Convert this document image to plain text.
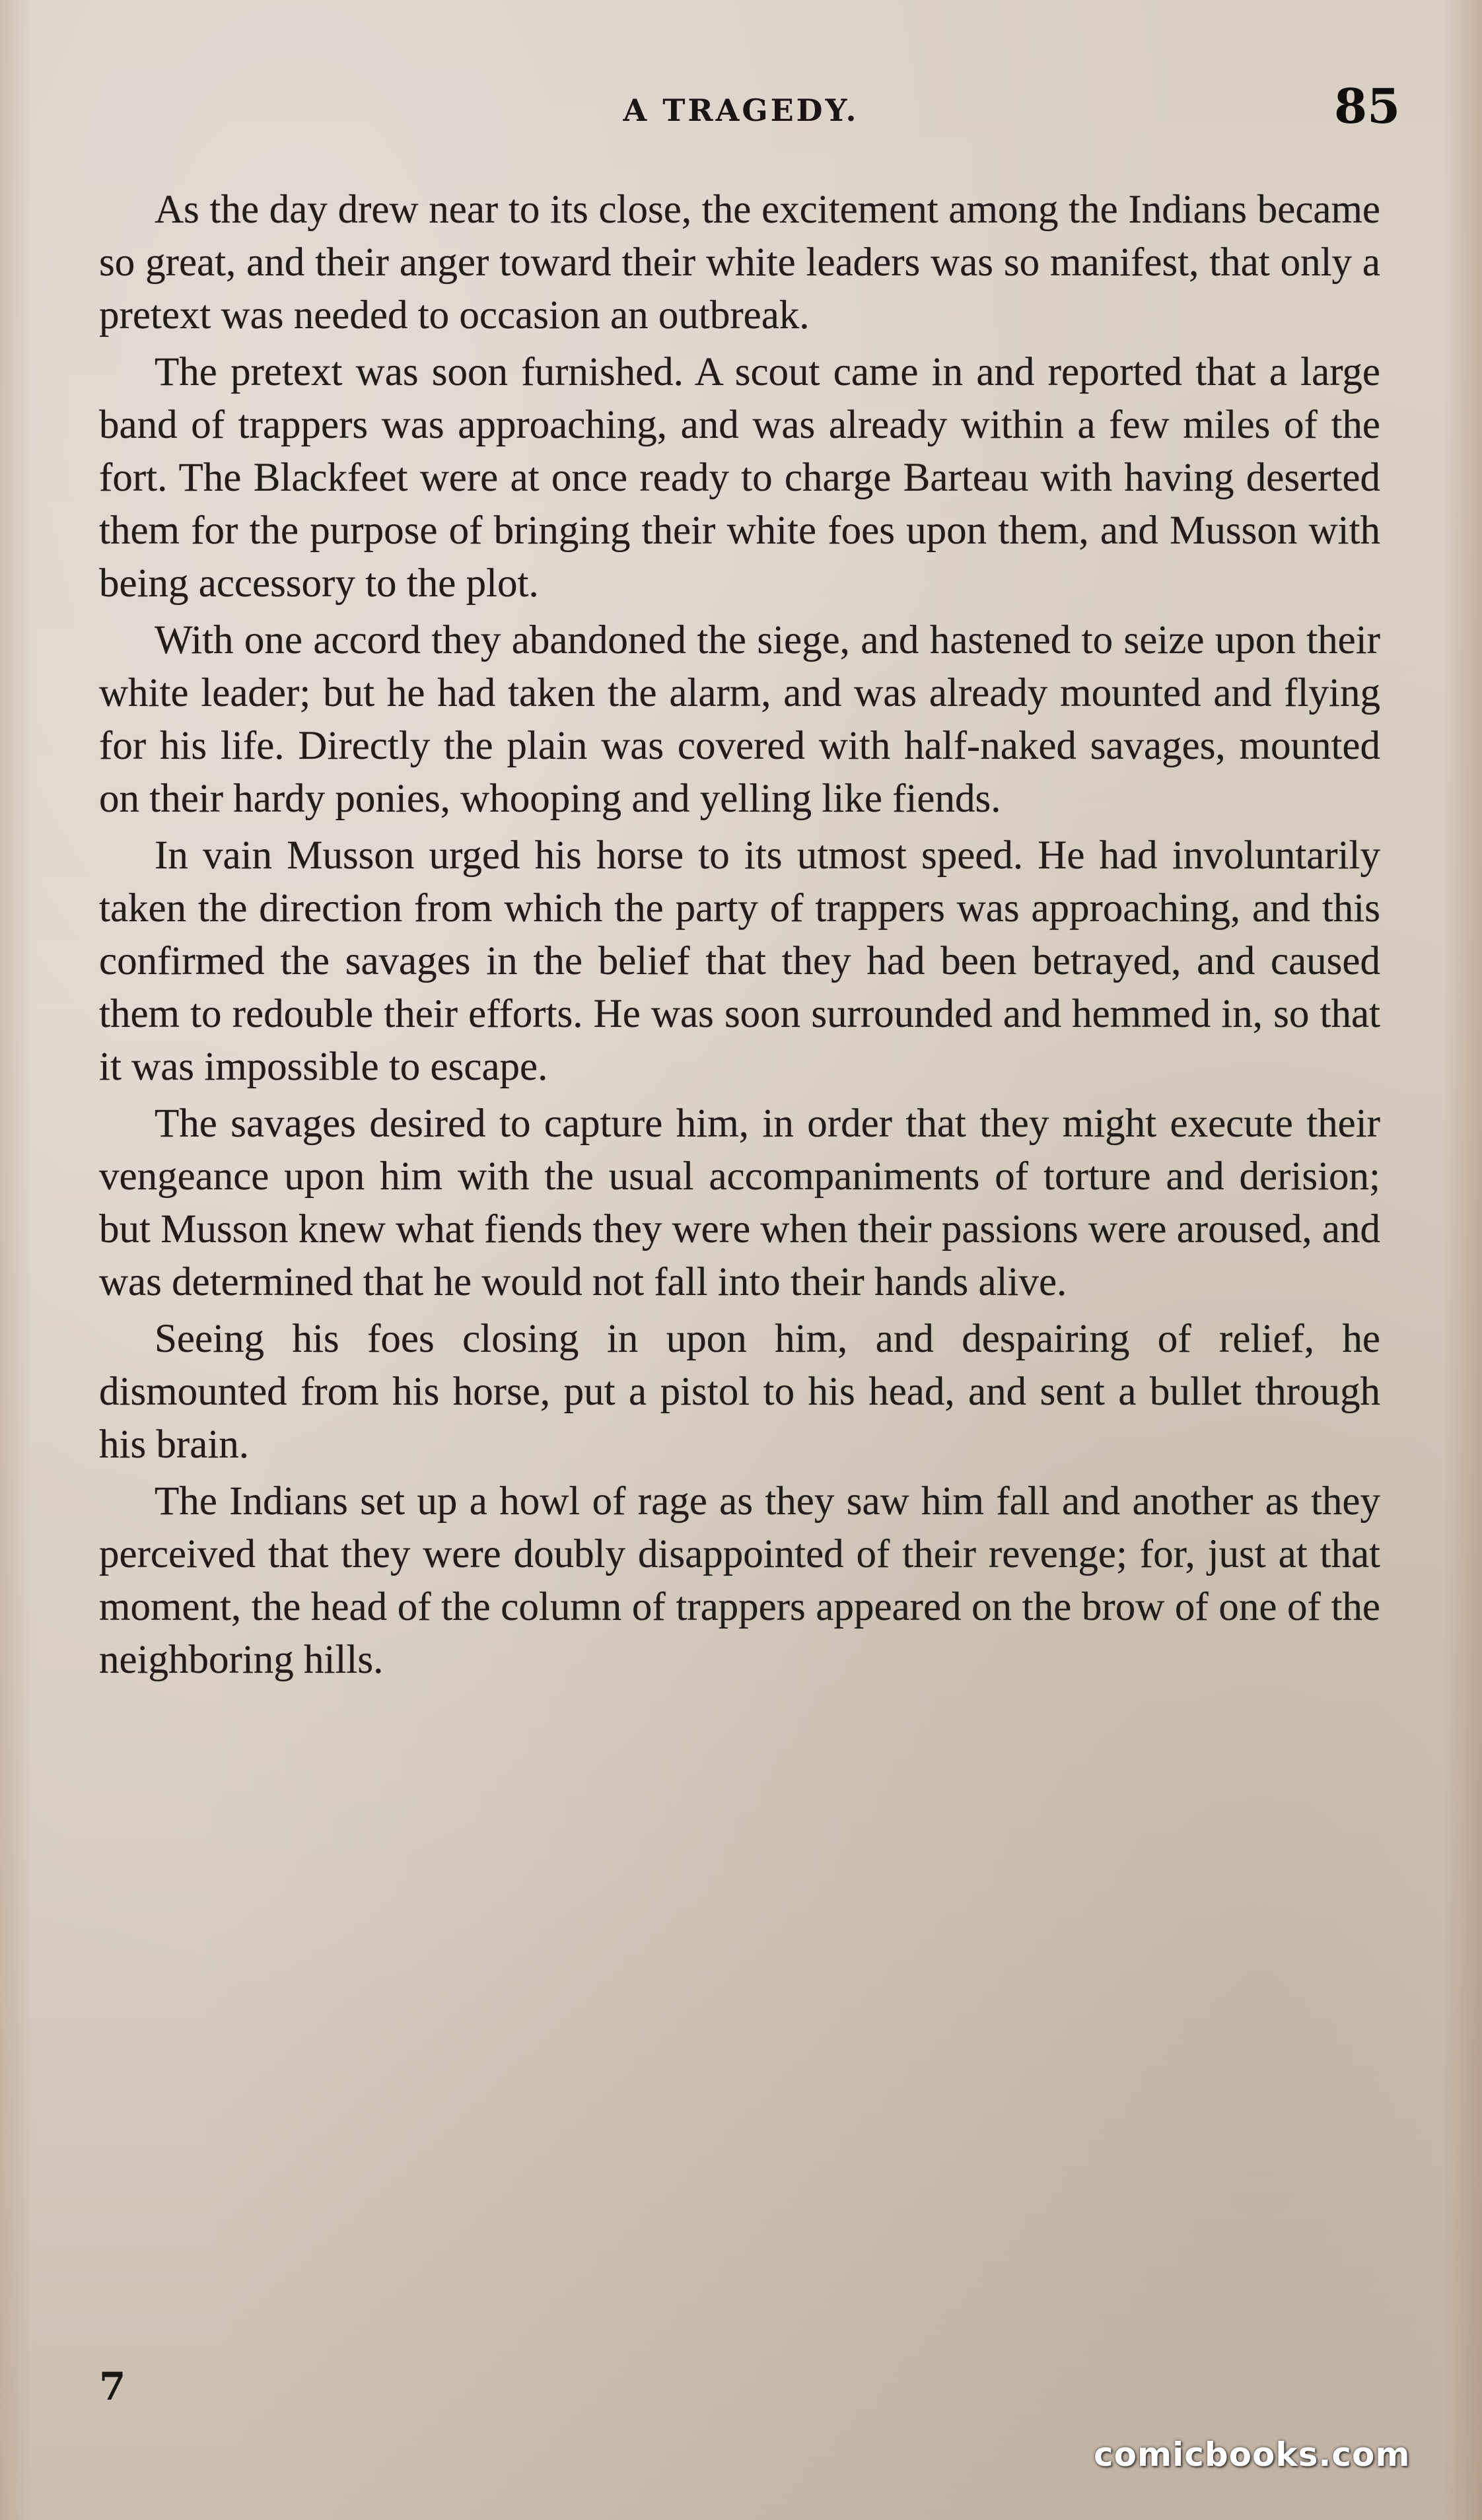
A TRAGEDY.	85

As the day drew near to its close, the excitement among the Indians became so great, and their anger toward their white leaders was so manifest, that only a pretext was needed to occasion an outbreak.

The pretext was soon furnished. A scout came in and reported that a large band of trappers was approaching, and was already within a few miles of the fort. The Blackfeet were at once ready to charge Barteau with having deserted them for the purpose of bringing their white foes upon them, and Musson with being accessory to the plot.

With one accord they abandoned the siege, and hastened to seize upon their white leader; but he had taken the alarm, and was already mounted and flying for his life. Directly the plain was covered with half-naked savages, mounted on their hardy ponies, whooping and yelling like fiends.

In vain Musson urged his horse to its utmost speed. He had involuntarily taken the direction from which the party of trappers was approaching, and this confirmed the savages in the belief that they had been betrayed, and caused them to redouble their efforts. He was soon surrounded and hemmed in, so that it was impossible to escape.

The savages desired to capture him, in order that they might execute their vengeance upon him with the usual accompaniments of torture and derision; but Musson knew what fiends they were when their passions were aroused, and was determined that he would not fall into their hands alive.

Seeing his foes closing in upon him, and despairing of relief, he dismounted from his horse, put a pistol to his head, and sent a bullet through his brain.

The Indians set up a howl of rage as they saw him fall and another as they perceived that they were doubly disappointed of their revenge; for, just at that moment, the head of the column of trappers appeared on the brow of one of the neighboring hills.

7
comicbooks.com
